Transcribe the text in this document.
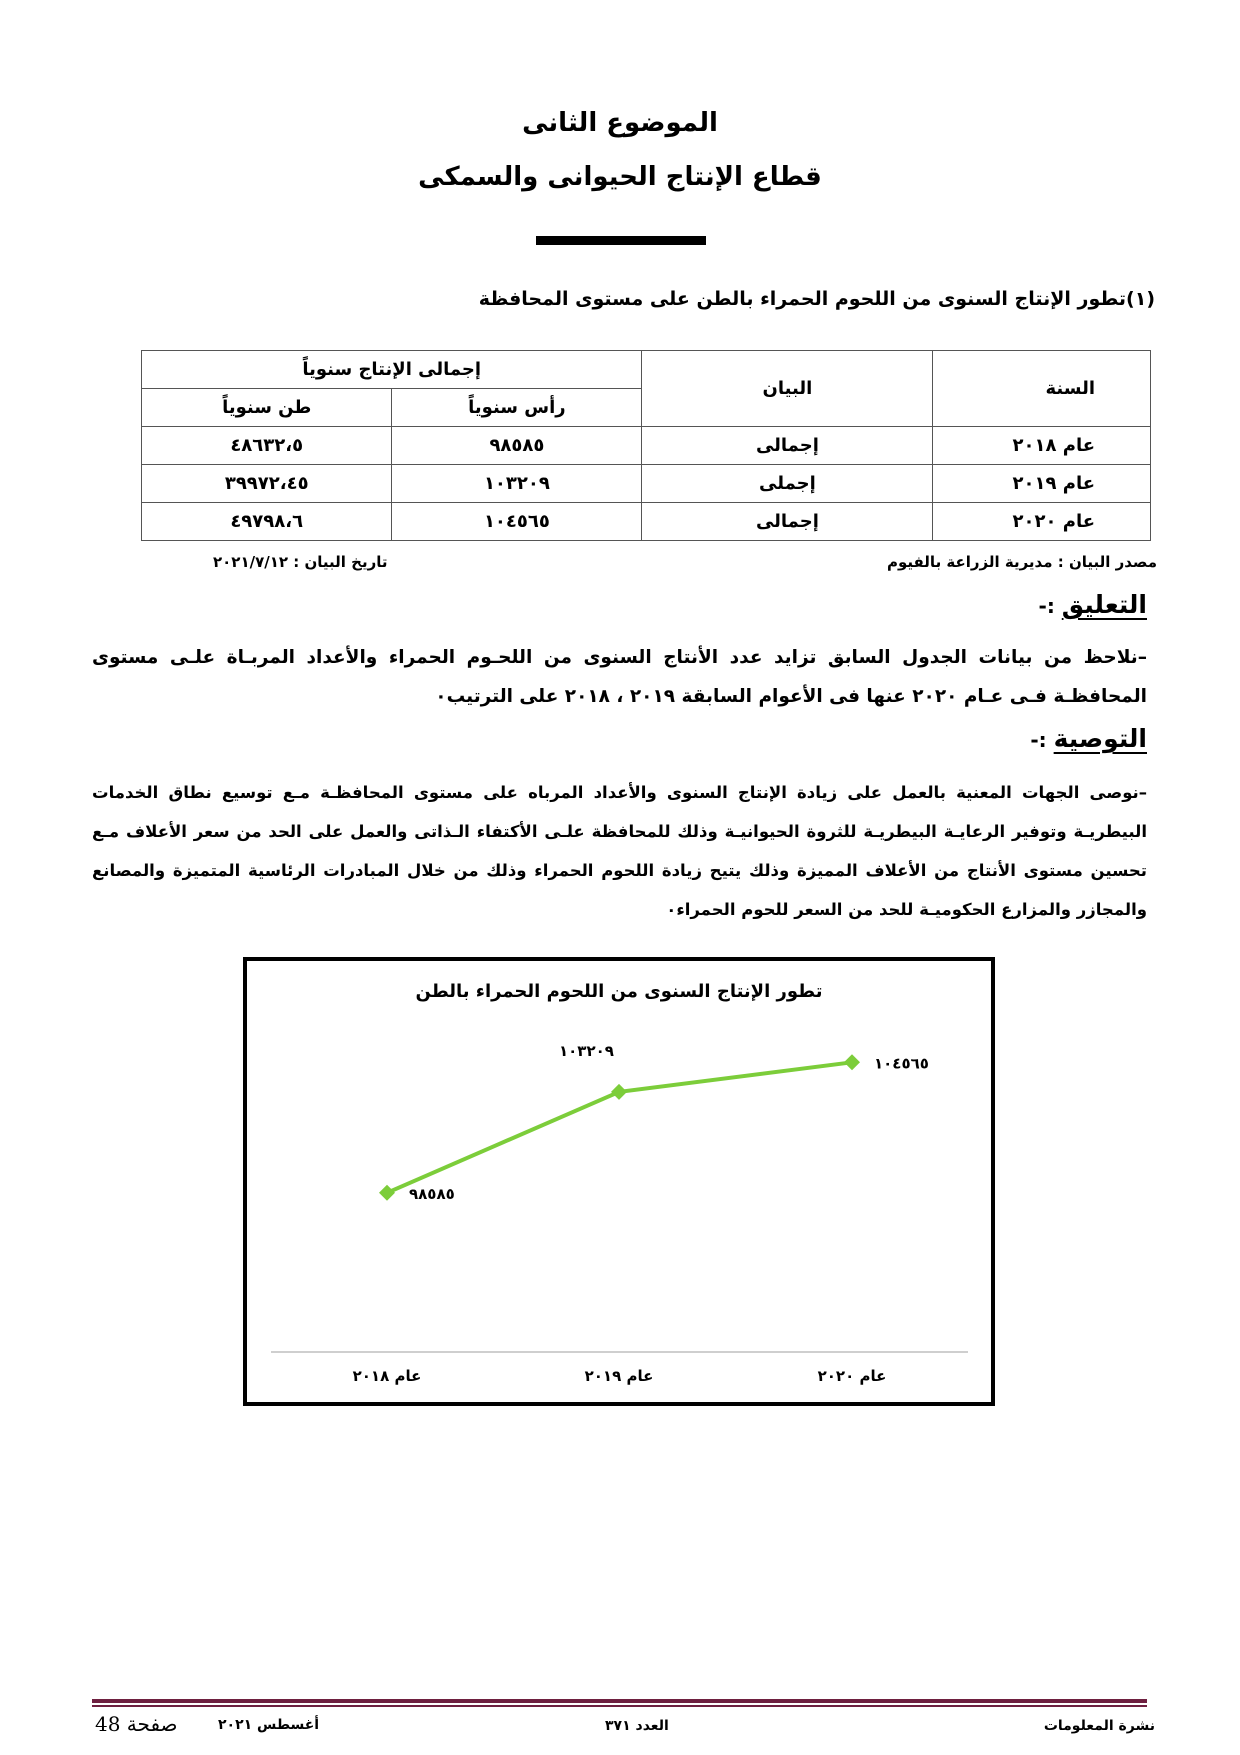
الموضوع الثانى
قطاع الإنتاج الحيوانى والسمكى
(١)تطور الإنتاج السنوى من اللحوم الحمراء بالطن على مستوى المحافظة
السنة	البيان	إجمالى الإنتاج سنوياً	
		رأس سنوياً	طن سنوياً
عام ٢٠١٨	إجمالى	٩٨٥٨٥	٤٨٦٣٢،٥
عام ٢٠١٩	إجملى	١٠٣٢٠٩	٣٩٩٧٢،٤٥
عام ٢٠٢٠	إجمالى	١٠٤٥٦٥	٤٩٧٩٨،٦
مصدر البيان : مديرية الزراعة بالفيوم
تاريخ البيان : ٢٠٢١/٧/١٢
التعليق :-
–نلاحظ من بيانات الجدول السابق تزايد عدد الأنتاج السنوى من اللحـوم الحمراء والأعداد المربـاة علـى مستوى المحافظـة فـى عـام ٢٠٢٠ عنها فى الأعوام السابقة ٢٠١٩ ، ٢٠١٨ على الترتيب٠
التوصية :-
–نوصى الجهات المعنية بالعمل على زيادة الإنتاج السنوى والأعداد المرباه على مستوى المحافظـة مـع توسيع نطاق الخدمات البيطريـة وتوفير الرعايـة البيطريـة للثروة الحيوانيـة وذلك للمحافظة علـى الأكتفاء الـذاتى والعمل على الحد من سعر الأعلاف مـع تحسين مستوى الأنتاج من الأعلاف المميزة وذلك يتيح زيادة اللحوم الحمراء وذلك من خلال المبادرات الرئاسية المتميزة والمصانع والمجازر والمزارع الحكوميـة للحد من السعر للحوم الحمراء٠
تطور الإنتاج السنوى من اللحوم الحمراء بالطن
٩٨٥٨٥
١٠٣٢٠٩
١٠٤٥٦٥
عام ٢٠١٨	عام ٢٠١٩	عام ٢٠٢٠
نشرة المعلومات
العدد ٣٧١
أغسطس ٢٠٢١
صفحة 48
